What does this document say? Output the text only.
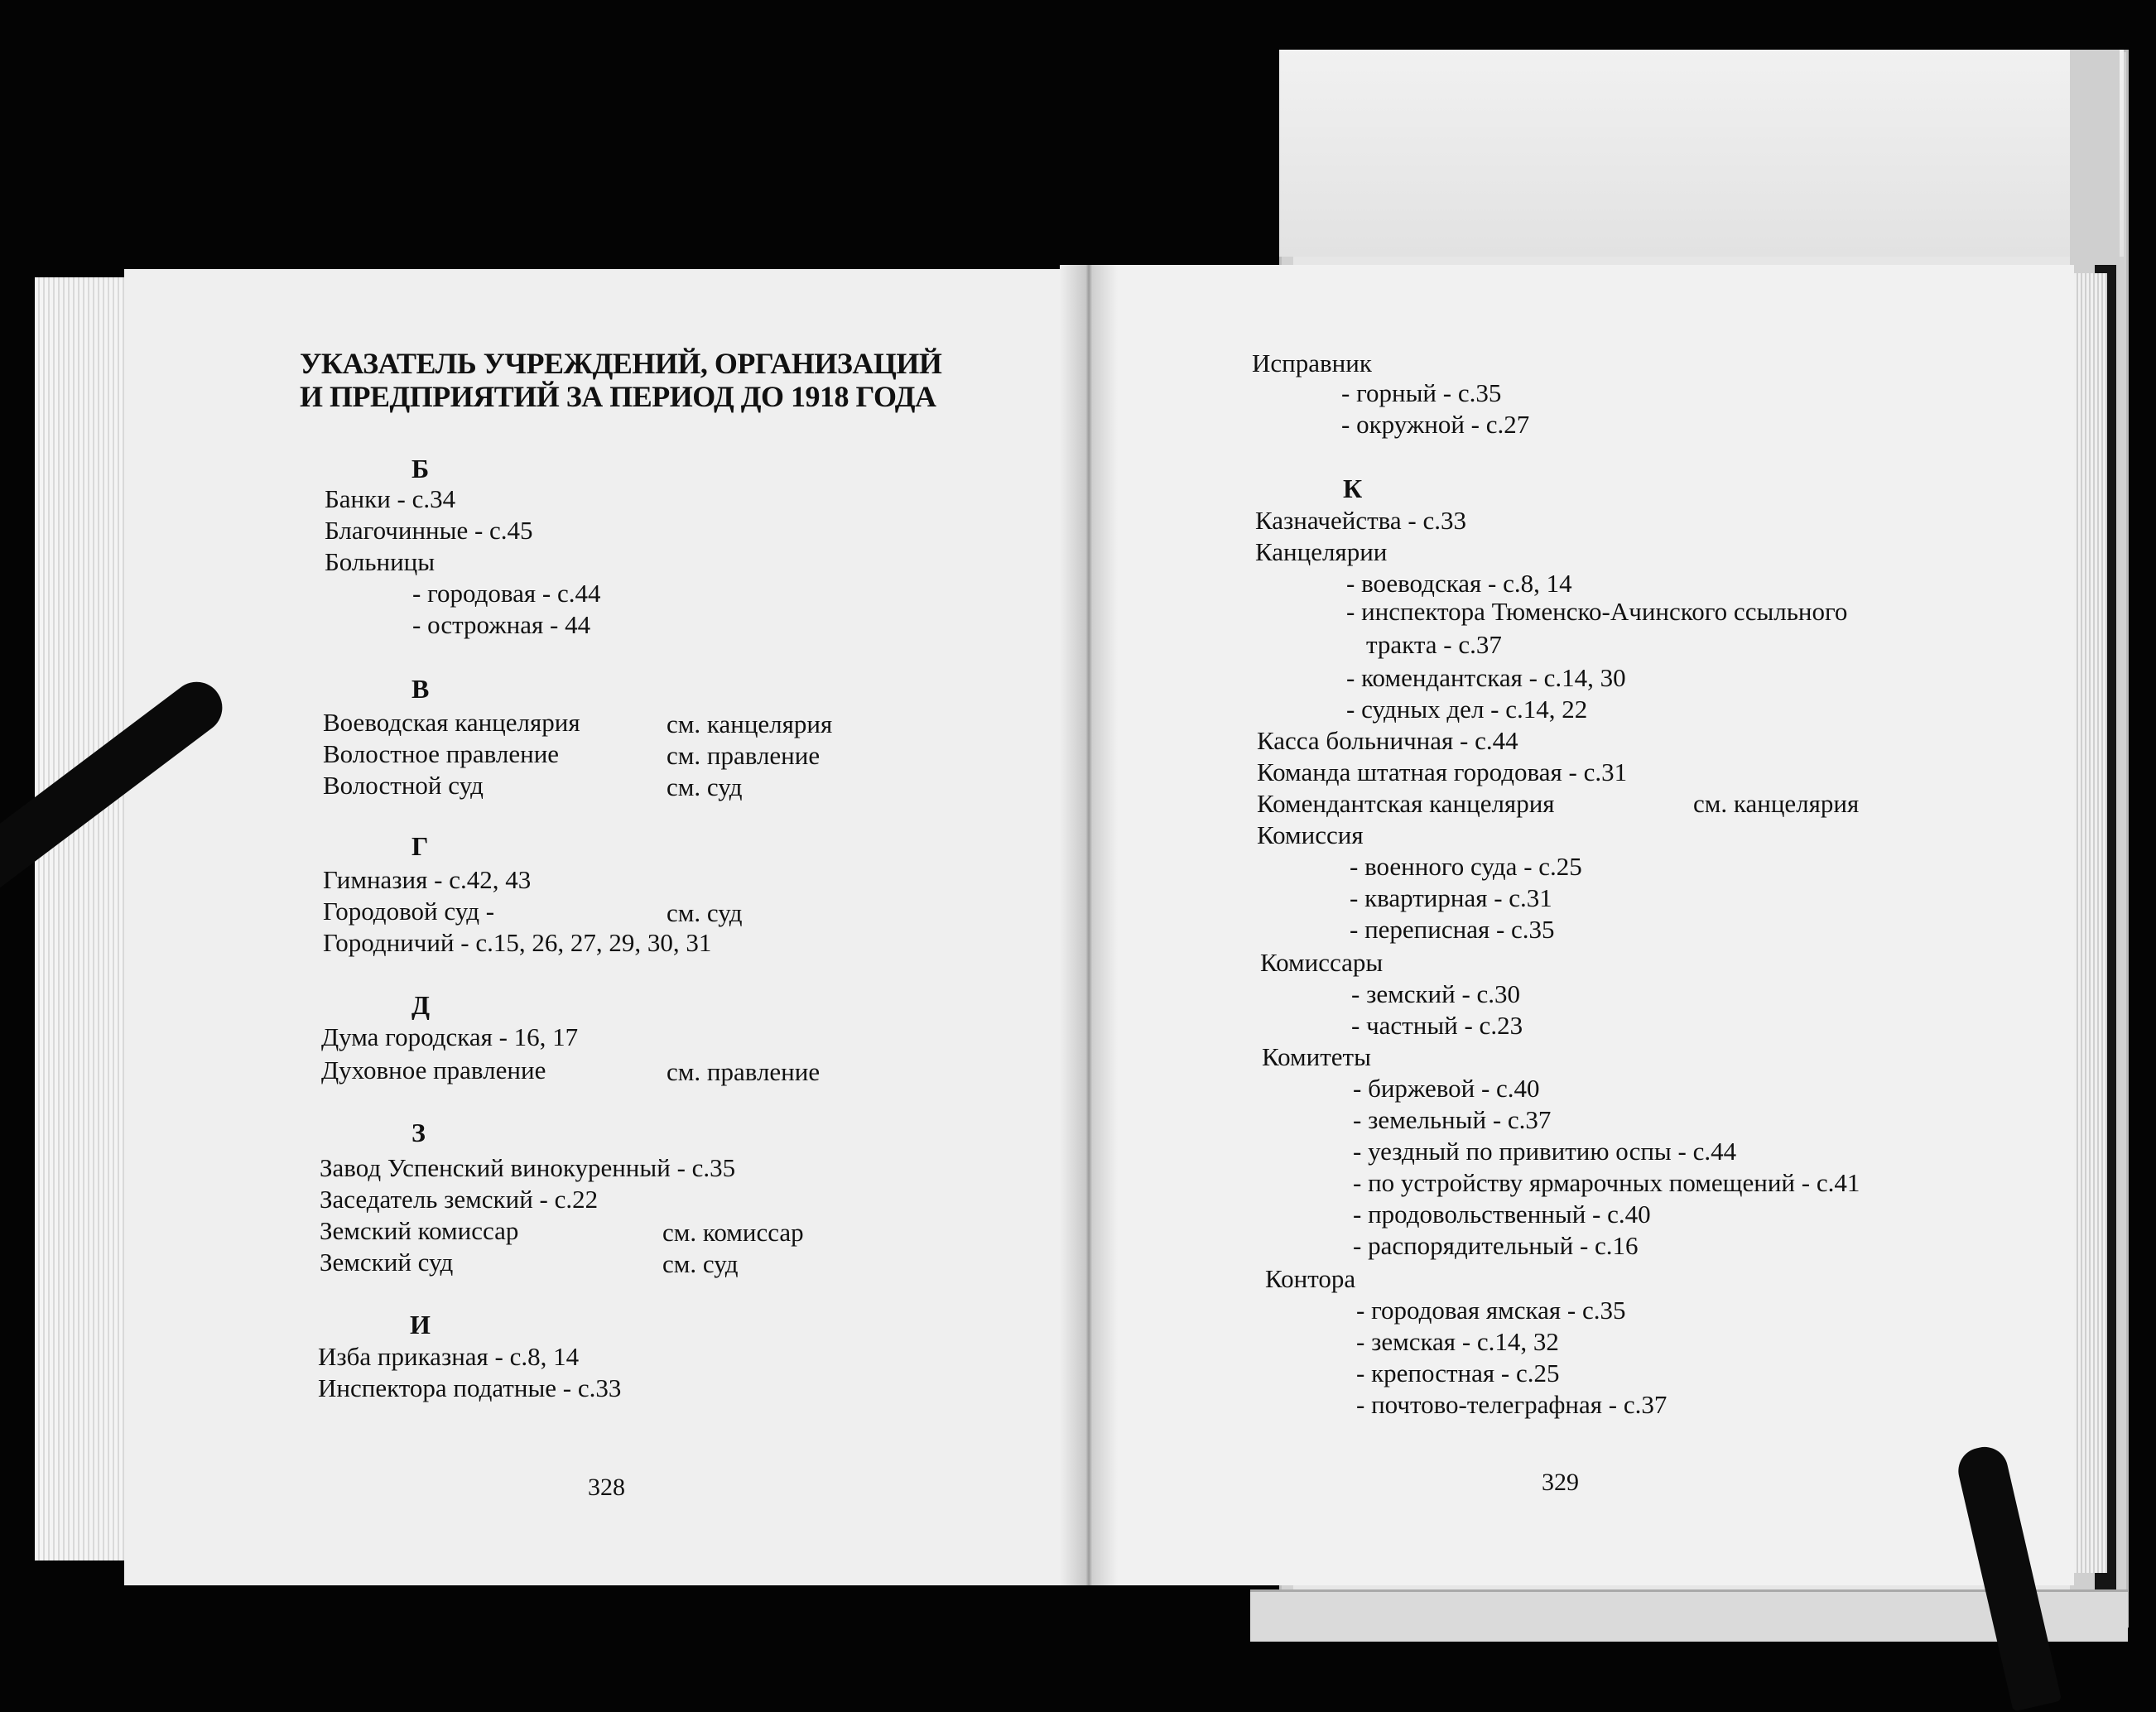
УКАЗАТЕЛЬ УЧРЕЖДЕНИЙ, ОРГАНИЗАЦИЙ
И ПРЕДПРИЯТИЙ ЗА ПЕРИОД ДО 1918 ГОДА
Б
Банки - с.34
Благочинные - с.45
Больницы
- городовая - с.44
- острожная - 44
В
Воеводская канцелярия	см. канцелярия
Волостное правление	см. правление
Волостной суд	см. суд
Г
Гимназия - с.42, 43
Городовой суд -	см. суд
Городничий - с.15, 26, 27, 29, 30, 31
Д
Дума городская - 16, 17
Духовное правление	см. правление
З
Завод Успенский винокуренный - с.35
Заседатель земский - с.22
Земский комиссар	см. комиссар
Земский суд	см. суд
И
Изба приказная - с.8, 14
Инспектора податные - с.33
328
Исправник
- горный - с.35
- окружной - с.27
К
Казначейства - с.33
Канцелярии
- воеводская - с.8, 14
- инспектора Тюменско-Ачинского ссыльного
тракта - с.37
- комендантская - с.14, 30
- судных дел - с.14, 22
Касса больничная - с.44
Команда штатная городовая - с.31
Комендантская канцелярия	см. канцелярия
Комиссия
- военного суда - с.25
- квартирная - с.31
- переписная - с.35
Комиссары
- земский - с.30
- частный - с.23
Комитеты
- биржевой - с.40
- земельный - с.37
- уездный по привитию оспы - с.44
- по устройству ярмарочных помещений - с.41
- продовольственный - с.40
- распорядительный - с.16
Контора
- городовая ямская - с.35
- земская - с.14, 32
- крепостная - с.25
- почтово-телеграфная - с.37
329
